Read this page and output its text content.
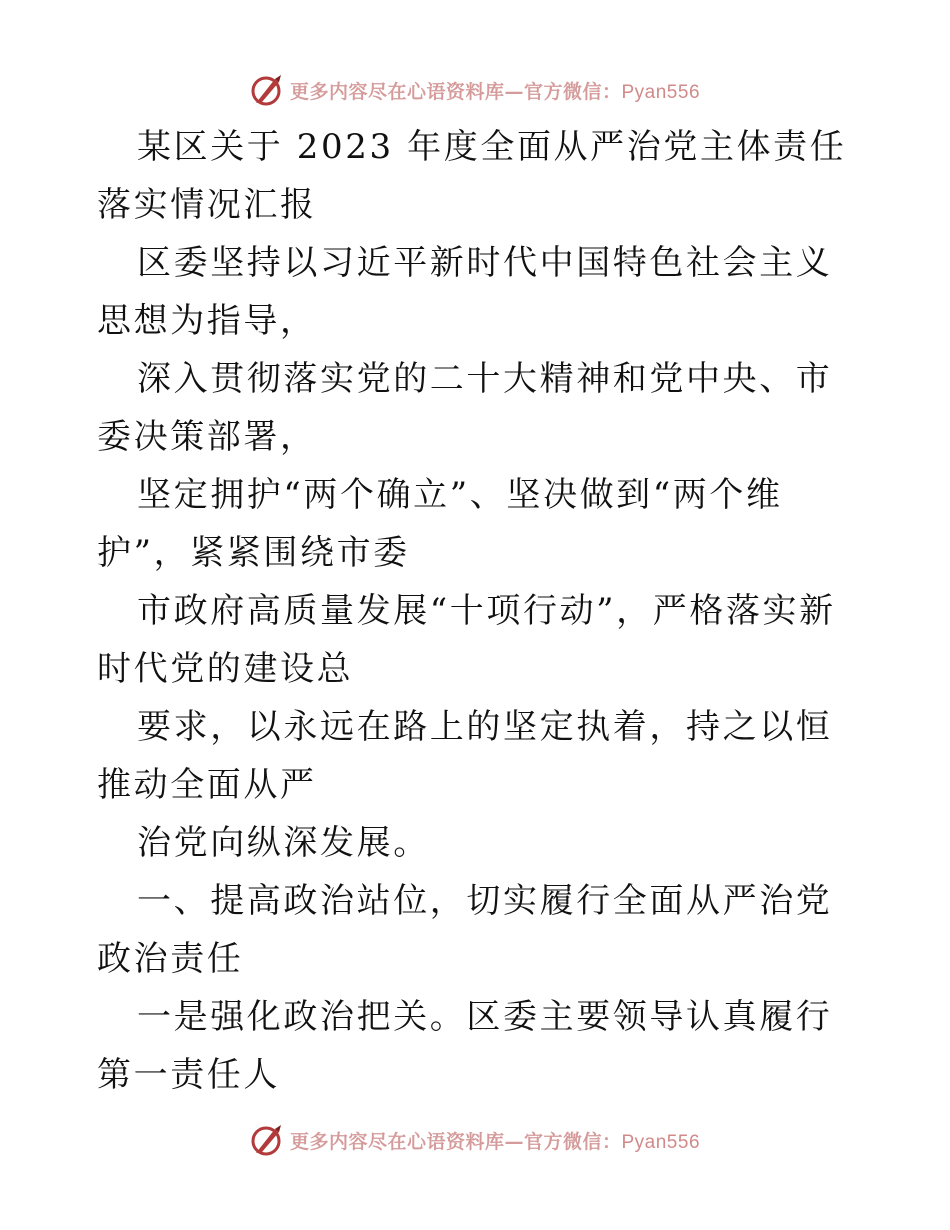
更多内容尽在心语资料库—官方微信：Pyan556

某区关于 2023 年度全面从严治党主体责任落实情况汇报

区委坚持以习近平新时代中国特色社会主义思想为指导，

深入贯彻落实党的二十大精神和党中央、市委决策部署，

坚定拥护“两个确立”、坚决做到“两个维护”，紧紧围绕市委

市政府高质量发展“十项行动”，严格落实新时代党的建设总

要求，以永远在路上的坚定执着，持之以恒推动全面从严

治党向纵深发展。

一、提高政治站位，切实履行全面从严治党政治责任

一是强化政治把关。区委主要领导认真履行第一责任人

更多内容尽在心语资料库—官方微信：Pyan556
